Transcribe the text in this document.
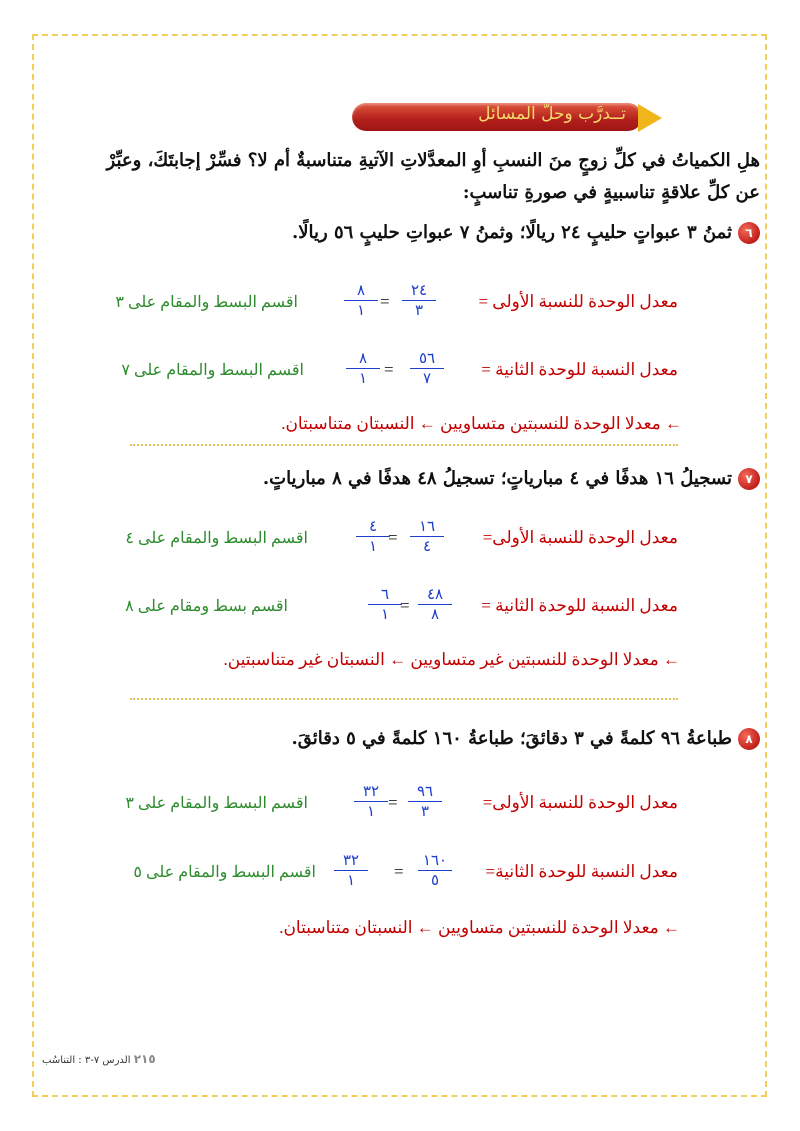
تــدرَّب وحلّ المسائل
هلِ الكمياتُ في كلِّ زوجٍ منَ النسبِ أوِ المعدَّلاتِ الآتيةِ متناسبةٌ أم لا؟ فسِّرْ إجابتَكَ، وعبِّرْ
عن كلِّ علاقةٍ تناسبيةٍ في صورةِ تناسبٍ:
٦ثمنُ ٣ عبواتٍ حليبٍ ٢٤ ريالًا؛ وثمنُ ٧ عبواتِ حليبٍ ٥٦ ريالًا.
معدل الوحدة للنسبة الأولى =
٢٤
٣
=
٨
١
اقسم البسط والمقام على ٣
معدل النسبة للوحدة الثانية =
٥٦
٧
=
٨
١
اقسم البسط والمقام على ٧
← معدلا الوحدة للنسبتين متساويين ← النسبتان متناسبتان.
٧تسجيلُ ١٦ هدفًا في ٤ مبارياتٍ؛ تسجيلُ ٤٨ هدفًا في ٨ مبارياتٍ.
معدل الوحدة للنسبة الأولى=
١٦
٤
=
٤
١
اقسم البسط والمقام على ٤
معدل النسبة للوحدة الثانية =
٤٨
٨
=
٦
١
اقسم بسط ومقام على ٨
← معدلا الوحدة للنسبتين غير متساويين ← النسبتان غير متناسبتين.
٨طباعةُ ٩٦ كلمةً في ٣ دقائقَ؛ طباعةُ ١٦٠ كلمةً في ٥ دقائقَ.
معدل الوحدة للنسبة الأولى=
٩٦
٣
=
٣٢
١
اقسم البسط والمقام على ٣
معدل النسبة للوحدة الثانية=
١٦٠
٥
=
٣٢
١
اقسم البسط والمقام على ٥
← معدلا الوحدة للنسبتين متساويين ← النسبتان متناسبتان.
٢١٥ الدرس ٧-٣ : التناسُب
